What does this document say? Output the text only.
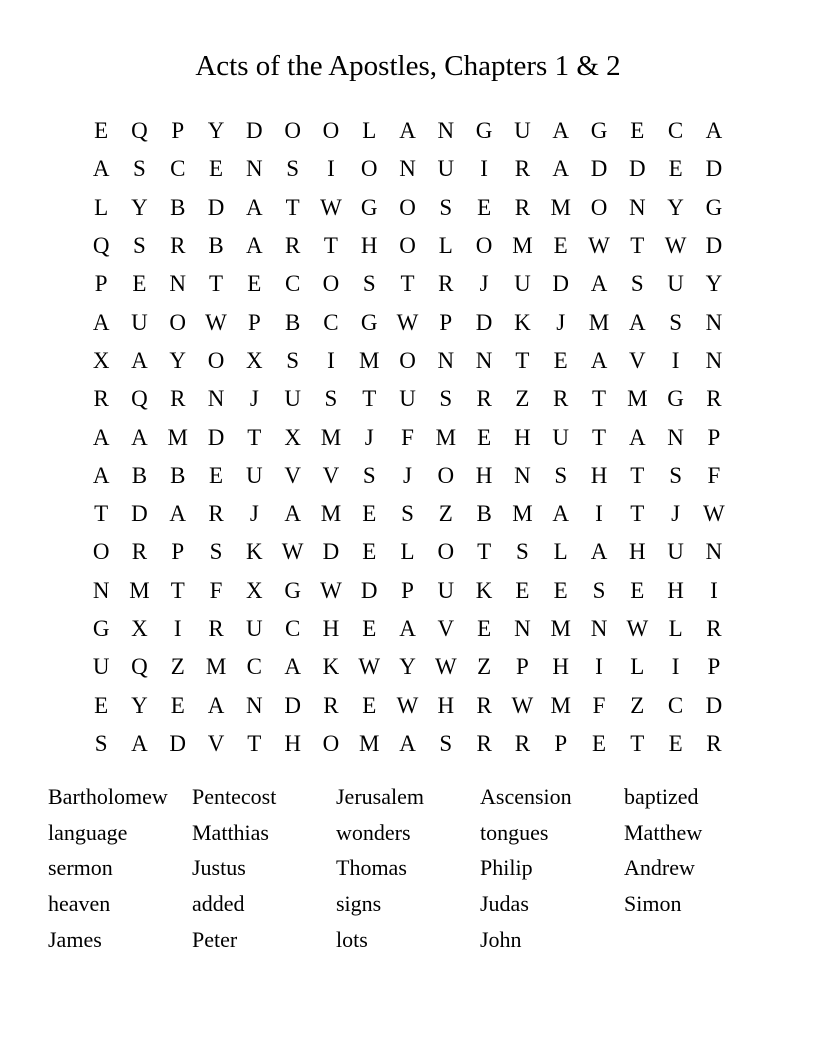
Acts of the Apostles, Chapters 1 & 2
E Q	P	Y D O O L A N G U A G E	C A
A	S	C	E N	S	I	O N U	I	R A D D E D
L Y B D A T W G O	S	E	R M O N Y G
Q	S	R B A R	T H O L O M E W T W D
P	E N T	E	C O	S	T	R	J	U D A	S	U Y
A U O W P	B C G W P	D K	J	M A	S	N
X A Y O X	S	I	M O N N T	E A V	I	N
R Q R N	J	U	S	T U	S	R	Z	R	T M G R
A A M D T X M	J	F M E H U T A N	P
A B B	E U V V	S	J	O H N	S	H T	S	F
T D A R	J	A M E	S	Z	B M A	I	T	J W
O R	P	S	K W D E	L O T	S	L A H U N
N M T	F	X G W D	P	U K E	E	S	E H	I
G X	I	R U C H E A V E N M N W L	R
U Q Z M C A K W Y W Z	P	H	I	L	I	P
E Y E A N D R	E W H R W M F	Z	C D
S	A D V T H O M A	S	R R	P	E	T	E	R
Bartholomew
language
sermon
heaven
James
Pentecost
Matthias
Justus
added
Peter
Jerusalem
wonders
Thomas
signs
lots
Ascension
tongues
Philip
Judas
John
baptized
Matthew
Andrew
Simon
